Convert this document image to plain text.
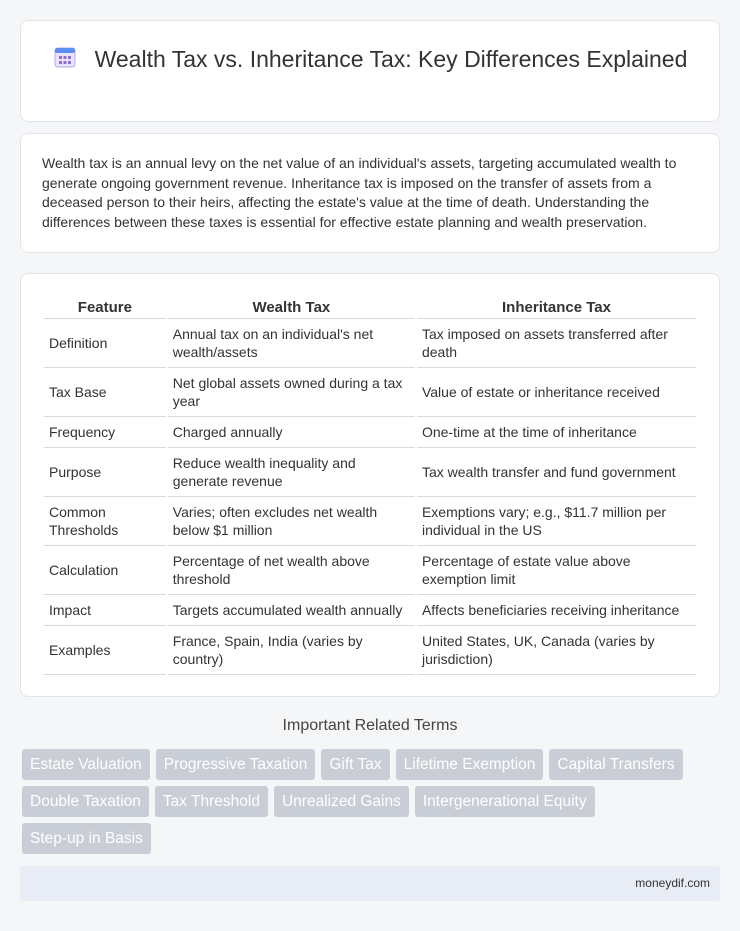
Wealth Tax vs. Inheritance Tax: Key Differences Explained
Wealth tax is an annual levy on the net value of an individual's assets, targeting accumulated wealth to generate ongoing government revenue. Inheritance tax is imposed on the transfer of assets from a deceased person to their heirs, affecting the estate's value at the time of death. Understanding the differences between these taxes is essential for effective estate planning and wealth preservation.
Feature	Wealth Tax	Inheritance Tax
Definition	Annual tax on an individual's net wealth/assets	Tax imposed on assets transferred after death
Tax Base	Net global assets owned during a tax year	Value of estate or inheritance received
Frequency	Charged annually	One-time at the time of inheritance
Purpose	Reduce wealth inequality and generate revenue	Tax wealth transfer and fund government
Common Thresholds	Varies; often excludes net wealth below $1 million	Exemptions vary; e.g., $11.7 million per individual in the US
Calculation	Percentage of net wealth above threshold	Percentage of estate value above exemption limit
Impact	Targets accumulated wealth annually	Affects beneficiaries receiving inheritance
Examples	France, Spain, India (varies by country)	United States, UK, Canada (varies by jurisdiction)
Important Related Terms
Estate Valuation	Progressive Taxation	Gift Tax	Lifetime Exemption	Capital Transfers
Double Taxation	Tax Threshold	Unrealized Gains	Intergenerational Equity
Step-up in Basis
moneydif.com
